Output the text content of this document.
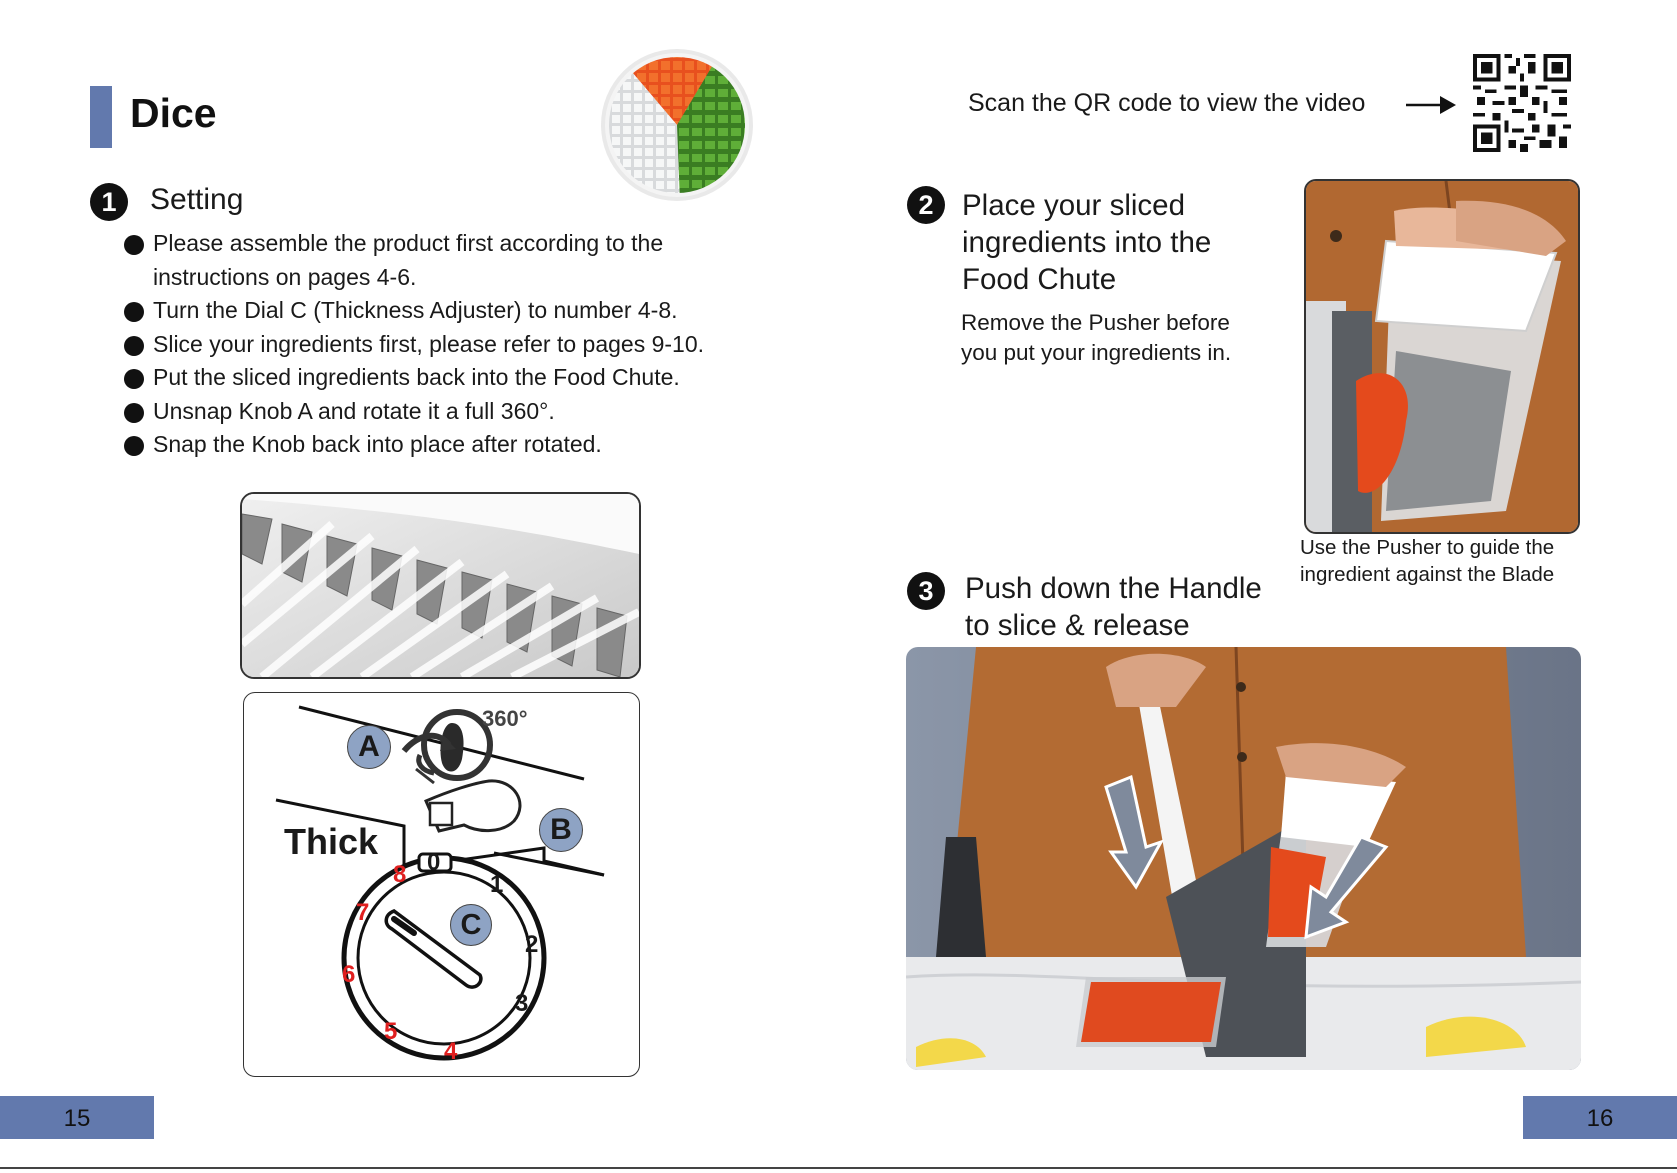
Dice
1	Setting
Please assemble the product first according to the instructions on pages 4-6.
Turn the Dial C (Thickness Adjuster) to number 4-8.
Slice your ingredients first, please refer to pages 9-10.
Put the sliced ingredients back into the Food Chute.
Unsnap Knob A and rotate it a full 360°.
Snap the Knob back into place after rotated.
360°
A
B
C
Thick
0
1
2
3
4
5
6
7
8
15
Scan the QR code to view the video
2 Place your sliced
ingredients into the
Food Chute
Remove the Pusher before
you put your ingredients in.
Use the Pusher to guide the
ingredient against the Blade
3	Push down the Handle
to slice & release
16
